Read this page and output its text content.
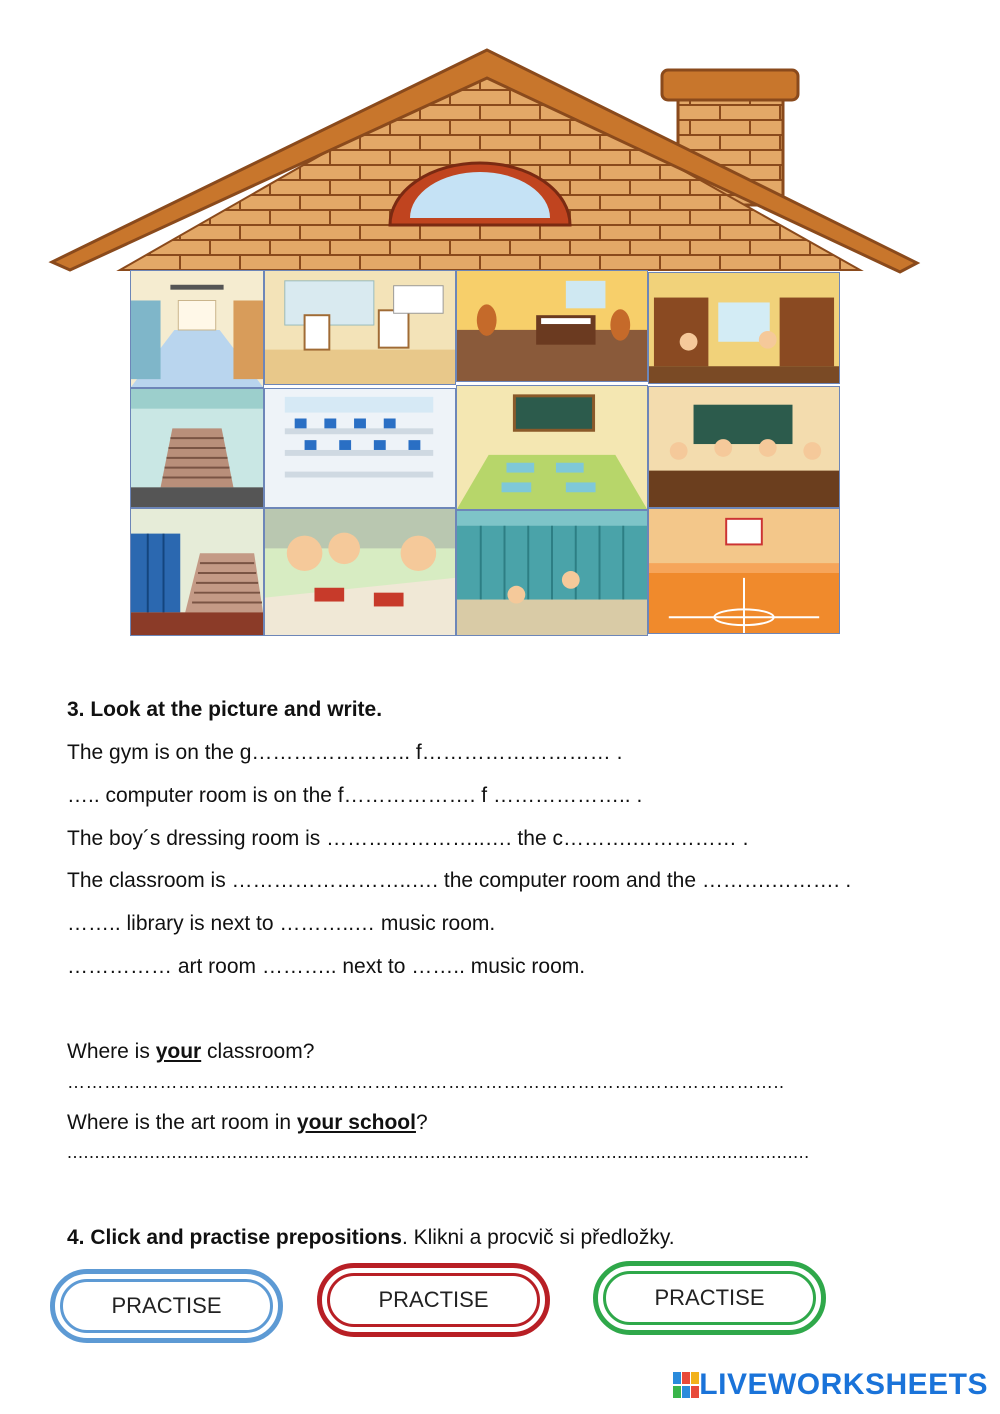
3. Look at the picture and write.

The gym is on the g………………….. f……………………… .

….. computer room is on the f………………. f ……………….. .

The boy´s dressing room is …………………..…. the c……….…………… .

The classroom is ……………………..…. the computer room and the ……….………. .

…….. library is next to ………..… music room.

…………… art room ……….. next to …….. music room.

Where is your classroom?

………………………..………………………………………………………..…………………..

Where is the art room in your school?

.......................................................................................................................................

4. Click and practise prepositions. Klikni a procvič si předložky.

PRACTISE	PRACTISE	PRACTISE
LIVEWORKSHEETS
